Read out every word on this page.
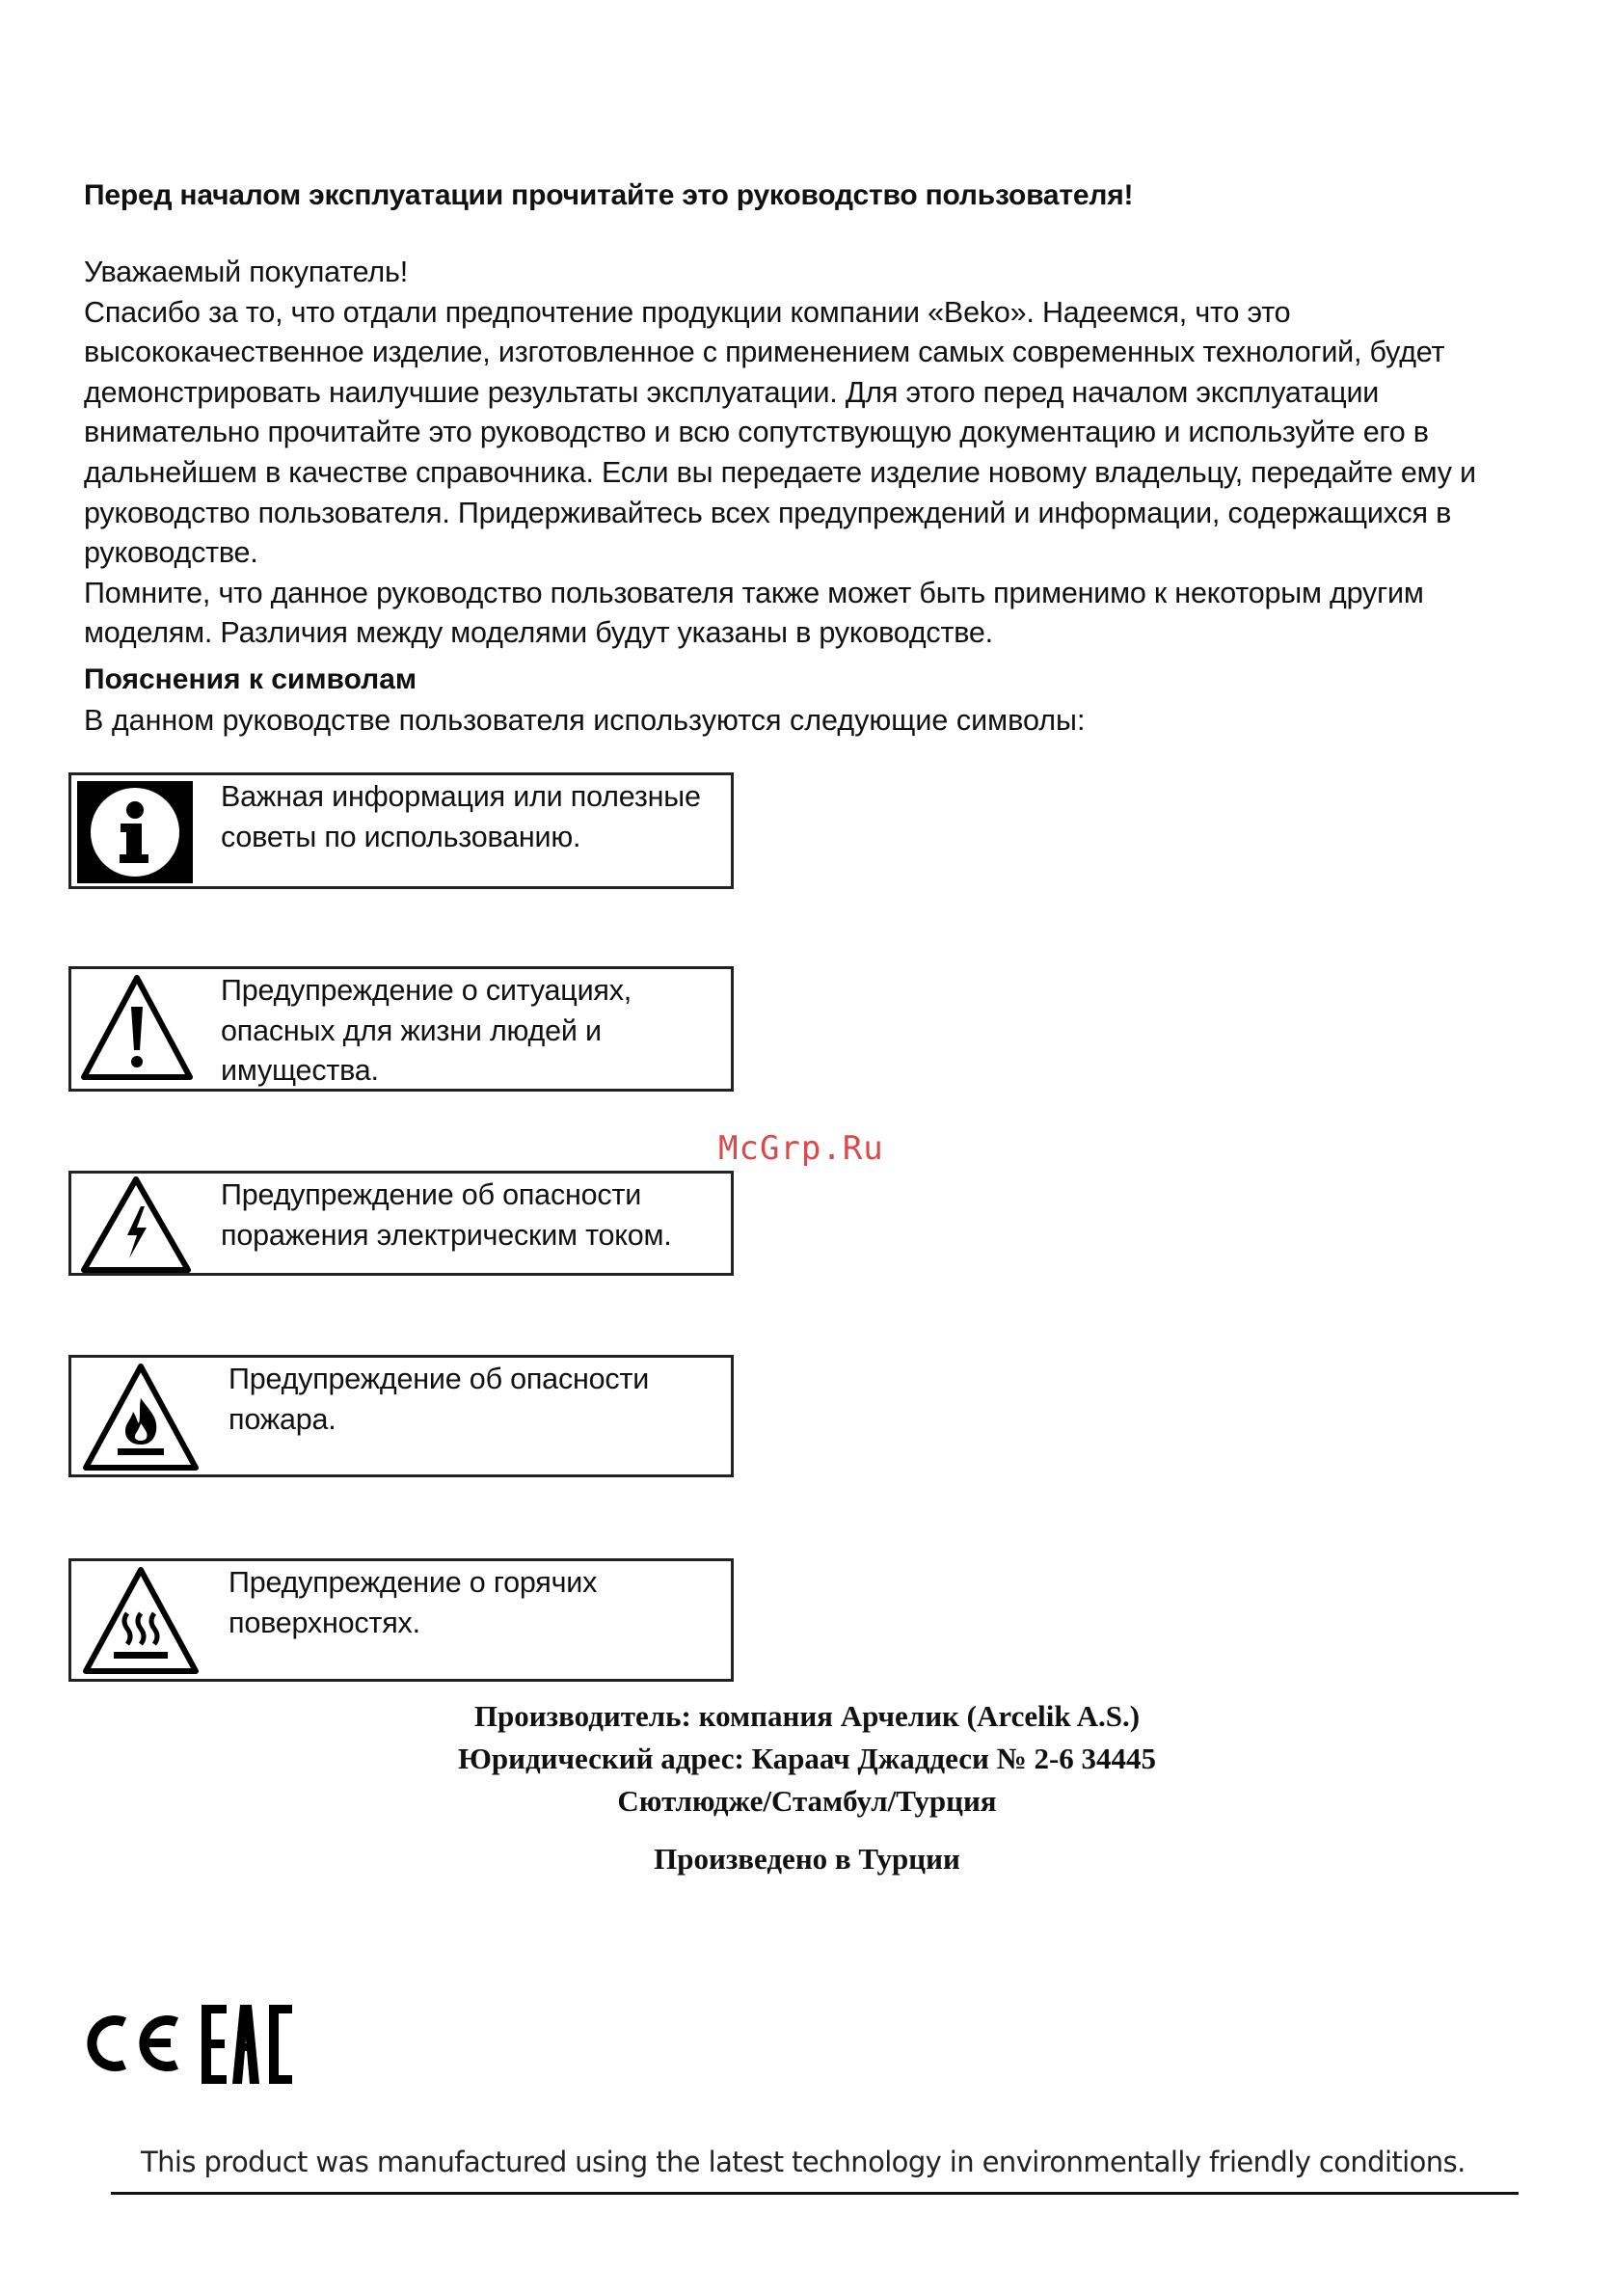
Перед началом эксплуатации прочитайте это руководство пользователя!

Уважаемый покупатель!

Спасибо за то, что отдали предпочтение продукции компании «Beko». Надеемся, что это высококачественное изделие, изготовленное с применением самых современных технологий, будет демонстрировать наилучшие результаты эксплуатации. Для этого перед началом эксплуатации внимательно прочитайте это руководство и всю сопутствующую документацию и используйте его в дальнейшем в качестве справочника. Если вы передаете изделие новому владельцу, передайте ему и руководство пользователя. Придерживайтесь всех предупреждений и информации, содержащихся в руководстве.

Помните, что данное руководство пользователя также может быть применимо к некоторым другим моделям. Различия между моделями будут указаны в руководстве.

Пояснения к символам
В данном руководстве пользователя используются следующие символы:
Важная информация или полезные советы по использованию.
Предупреждение о ситуациях, опасных для жизни людей и имущества.
Предупреждение об опасности поражения электрическим током.
Предупреждение об опасности пожара.
Предупреждение о горячих поверхностях.
Производитель: компания Арчелик (Arcelik A.S.)
Юридический адрес: Караач Джаддеси № 2-6 34445
Сютлюдже/Стамбул/Турция
Произведено в Турции
McGrp.Ru
This product was manufactured using the latest technology in environmentally friendly conditions.
